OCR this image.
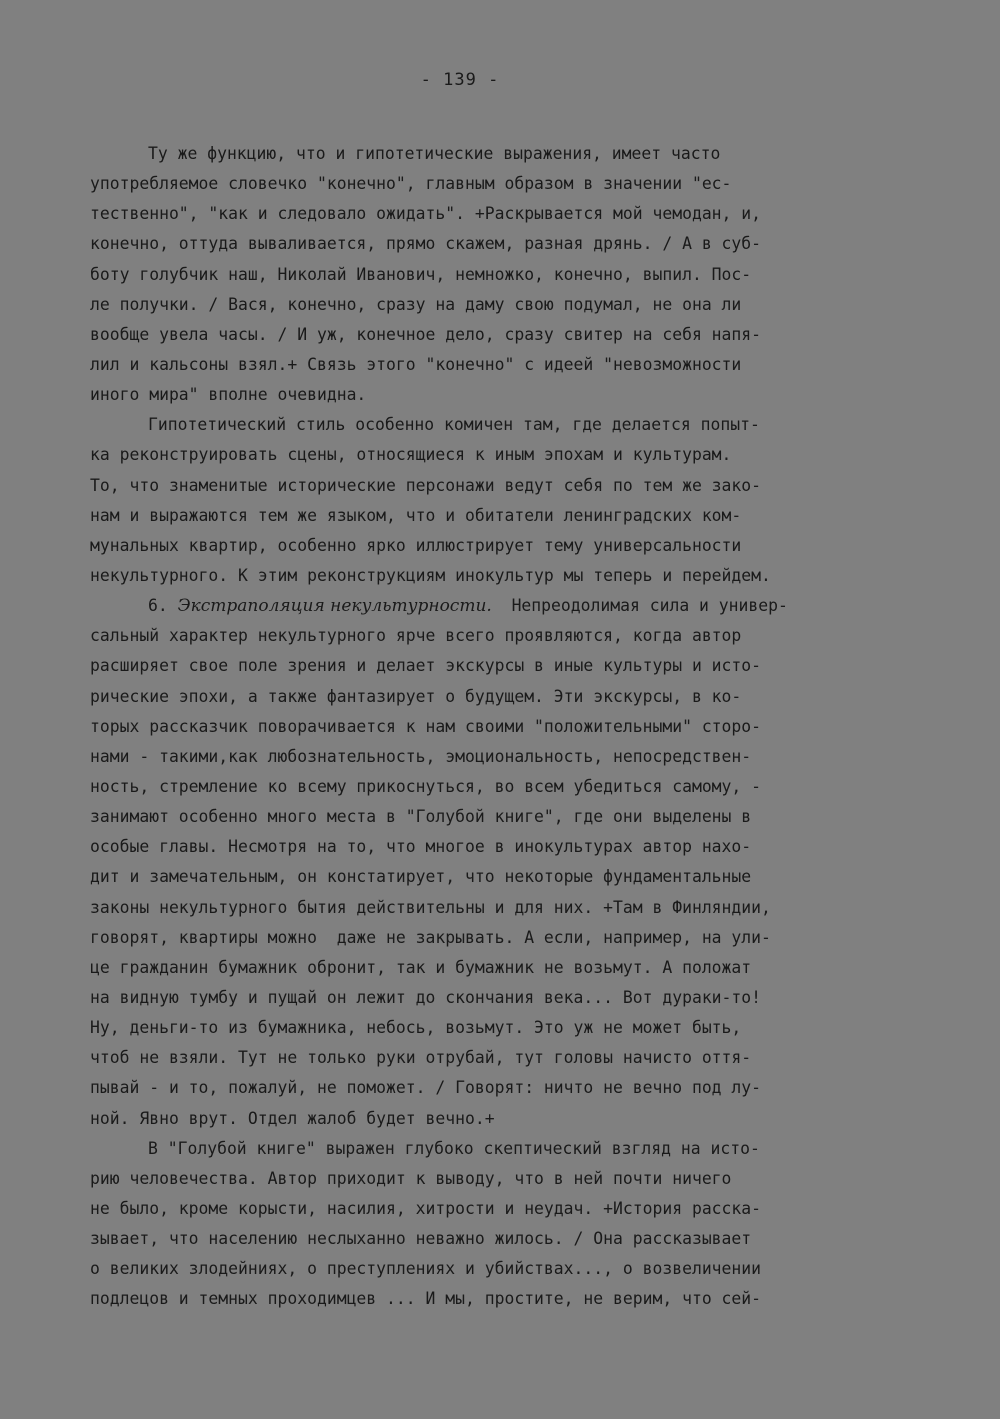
- 139 -
Ту же функцию, что и гипотетические выражения, имеет часто
употребляемое словечко "конечно", главным образом в значении "ес-
тественно", "как и следовало ожидать". +Раскрывается мой чемодан, и,
конечно, оттуда вываливается, прямо скажем, разная дрянь. / А в суб-
боту голубчик наш, Николай Иванович, немножко, конечно, выпил. Пос-
ле получки. / Вася, конечно, сразу на даму свою подумал, не она ли
вообще увела часы. / И уж, конечное дело, сразу свитер на себя напя-
лил и кальсоны взял.+ Связь этого "конечно" с идеей "невозможности
иного мира" вполне очевидна.
Гипотетический стиль особенно комичен там, где делается попыт-
ка реконструировать сцены, относящиеся к иным эпохам и культурам.
То, что знаменитые исторические персонажи ведут себя по тем же зако-
нам и выражаются тем же языком, что и обитатели ленинградских ком-
мунальных квартир, особенно ярко иллюстрирует тему универсальности
некультурного. К этим реконструкциям инокультур мы теперь и перейдем.
6. Экстраполяция некультурности. Непреодолимая сила и универ-
сальный характер некультурного ярче всего проявляются, когда автор
расширяет свое поле зрения и делает экскурсы в иные культуры и исто-
рические эпохи, а также фантазирует о будущем. Эти экскурсы, в ко-
торых рассказчик поворачивается к нам своими "положительными" сторо-
нами - такими,как любознательность, эмоциональность, непосредствен-
ность, стремление ко всему прикоснуться, во всем убедиться самому, -
занимают особенно много места в "Голубой книге", где они выделены в
особые главы. Несмотря на то, что многое в инокультурах автор нахо-
дит и замечательным, он констатирует, что некоторые фундаментальные
законы некультурного бытия действительны и для них. +Там в Финляндии,
говорят, квартиры можно  даже не закрывать. А если, например, на ули-
це гражданин бумажник обронит, так и бумажник не возьмут. А положат
на видную тумбу и пущай он лежит до скончания века... Вот дураки-то!
Ну, деньги-то из бумажника, небось, возьмут. Это уж не может быть,
чтоб не взяли. Тут не только руки отрубай, тут головы начисто оття-
пывай - и то, пожалуй, не поможет. / Говорят: ничто не вечно под лу-
ной. Явно врут. Отдел жалоб будет вечно.+
В "Голубой книге" выражен глубоко скептический взгляд на исто-
рию человечества. Автор приходит к выводу, что в ней почти ничего
не было, кроме корысти, насилия, хитрости и неудач. +История расска-
зывает, что населению неслыханно неважно жилось. / Она рассказывает
о великих злодейниях, о преступлениях и убийствах..., о возвеличении
подлецов и темных проходимцев ... И мы, простите, не верим, что сей-
